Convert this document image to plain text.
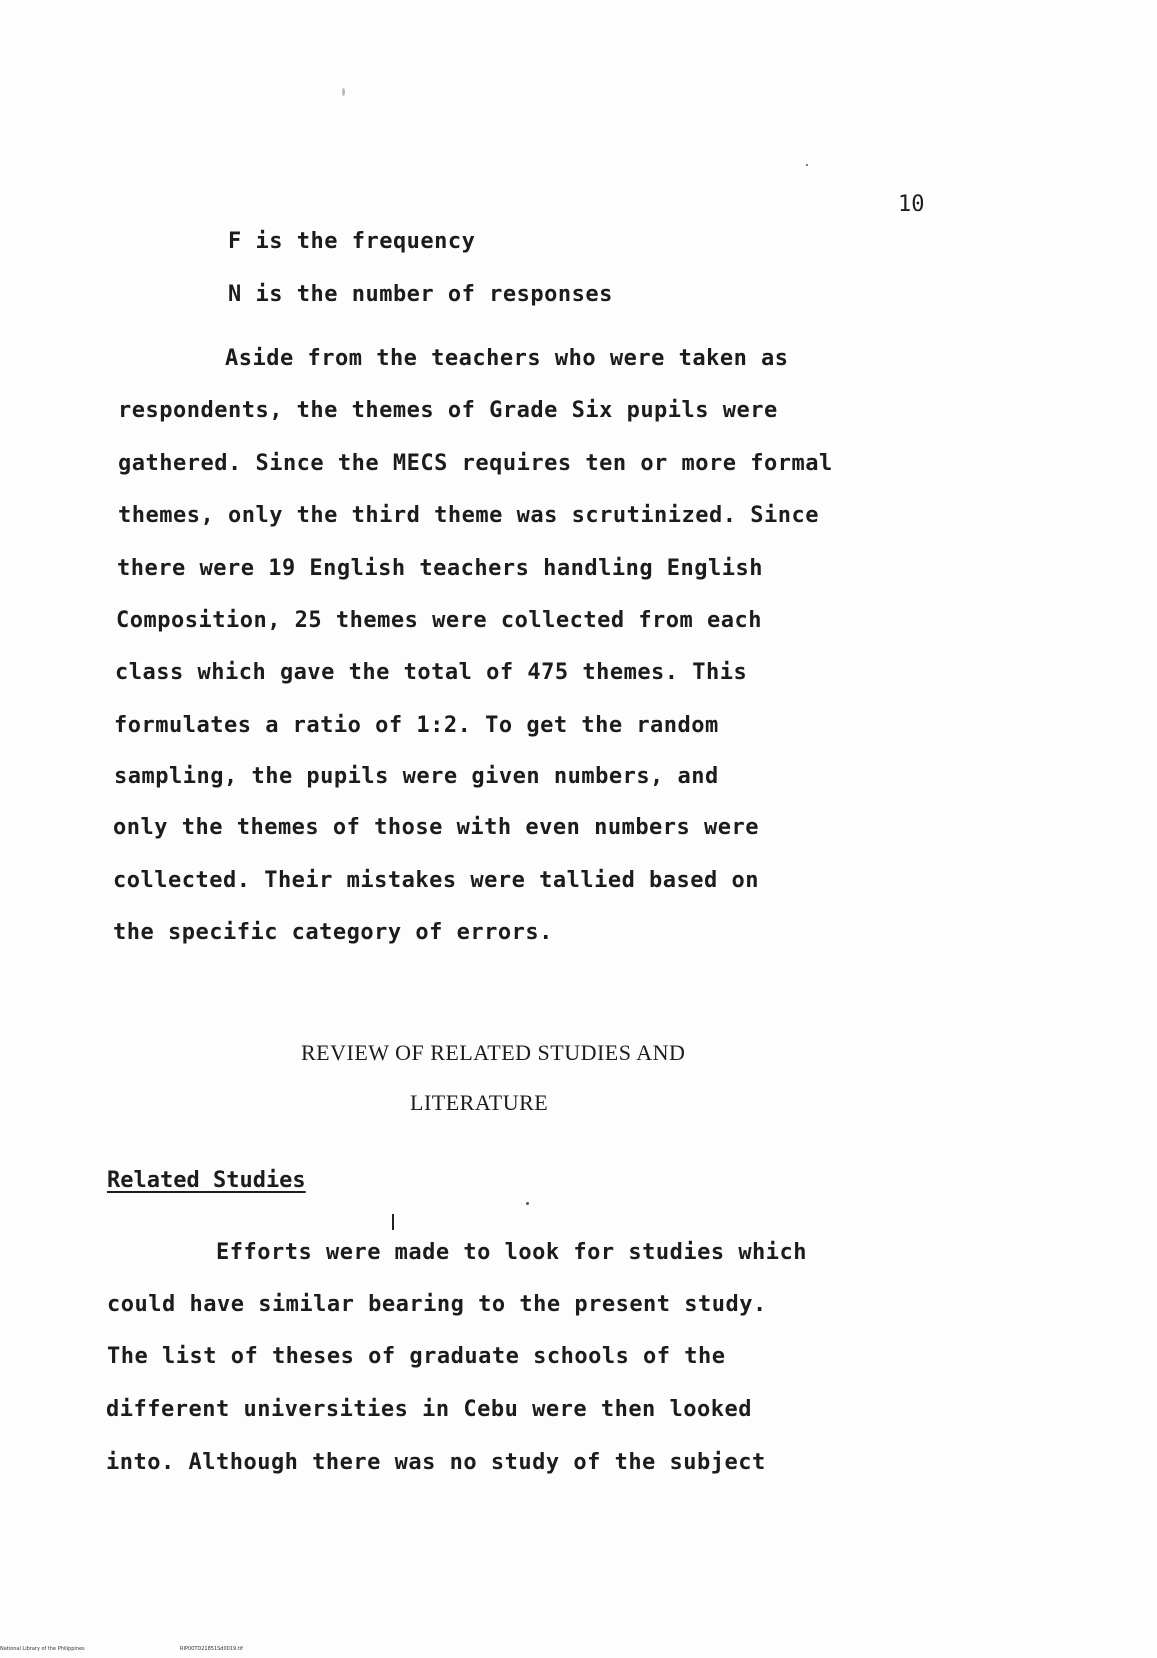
10
F is the frequency
N is the number of responses
Aside from the teachers who were taken as
respondents, the themes of Grade Six pupils were
gathered. Since the MECS requires ten or more formal
themes, only the third theme was scrutinized. Since
there were 19 English teachers handling English
Composition, 25 themes were collected from each
class which gave the total of 475 themes. This
formulates a ratio of 1:2. To get the random
sampling, the pupils were given numbers, and
only the themes of those with even numbers were
collected. Their mistakes were tallied based on
the specific category of errors.
REVIEW OF RELATED STUDIES AND
LITERATURE
Related Studies
Efforts were made to look for studies which
could have similar bearing to the present study.
The list of theses of graduate schools of the
different universities in Cebu were then looked
into. Although there was no study of the subject
National Library of the Philippines	RIP00TD21851Sd0019.tif
